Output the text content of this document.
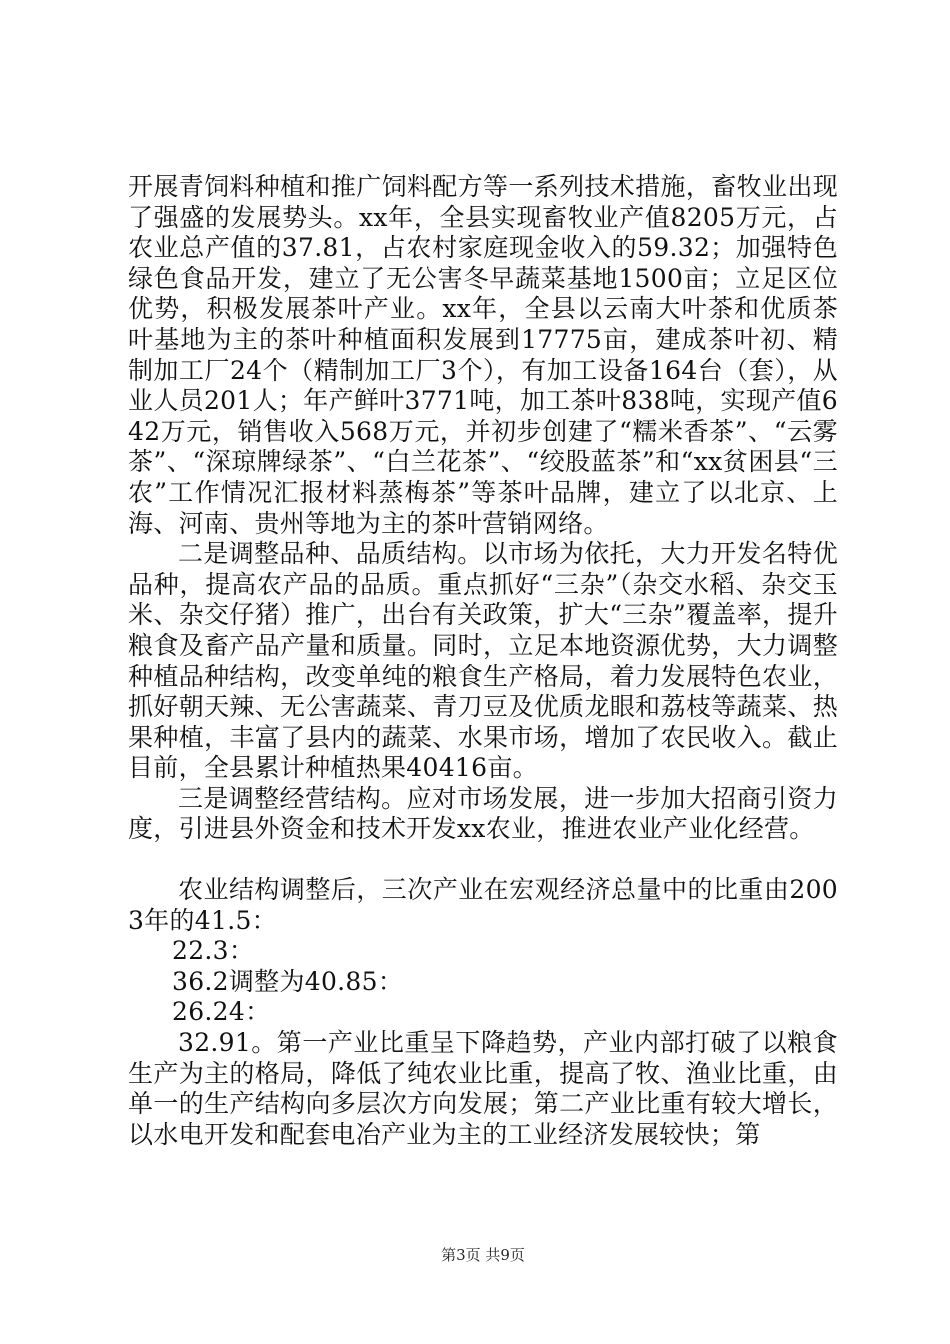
开展青饲料种植和推广饲料配方等一系列技术措施，畜牧业出现了强盛的发展势头。xx年，全县实现畜牧业产值8205万元，占农业总产值的37.81，占农村家庭现金收入的59.32；加强特色绿色食品开发，建立了无公害冬早蔬菜基地1500亩；立足区位优势，积极发展茶叶产业。xx年，全县以云南大叶茶和优质茶叶基地为主的茶叶种植面积发展到17775亩，建成茶叶初、精制加工厂24个（精制加工厂3个），有加工设备164台（套），从业人员201人；年产鲜叶3771吨，加工茶叶838吨，实现产值642万元，销售收入568万元，并初步创建了“糯米香茶”、“云雾茶”、“深琼牌绿茶”、“白兰花茶”、“绞股蓝茶”和“xx贫困县“三农”工作情况汇报材料蒸梅茶”等茶叶品牌，建立了以北京、上海、河南、贵州等地为主的茶叶营销网络。

二是调整品种、品质结构。以市场为依托，大力开发名特优品种，提高农产品的品质。重点抓好“三杂”（杂交水稻、杂交玉米、杂交仔猪）推广，出台有关政策，扩大“三杂”覆盖率，提升粮食及畜产品产量和质量。同时，立足本地资源优势，大力调整种植品种结构，改变单纯的粮食生产格局，着力发展特色农业，抓好朝天辣、无公害蔬菜、青刀豆及优质龙眼和荔枝等蔬菜、热果种植，丰富了县内的蔬菜、水果市场，增加了农民收入。截止目前，全县累计种植热果40416亩。

三是调整经营结构。应对市场发展，进一步加大招商引资力度，引进县外资金和技术开发xx农业，推进农业产业化经营。

农业结构调整后，三次产业在宏观经济总量中的比重由2003年的41.5：

22.3：

36.2调整为40.85：

26.24：

32.91。第一产业比重呈下降趋势，产业内部打破了以粮食生产为主的格局，降低了纯农业比重，提高了牧、渔业比重，由单一的生产结构向多层次方向发展；第二产业比重有较大增长，以水电开发和配套电冶产业为主的工业经济发展较快；第

第3页 共9页
